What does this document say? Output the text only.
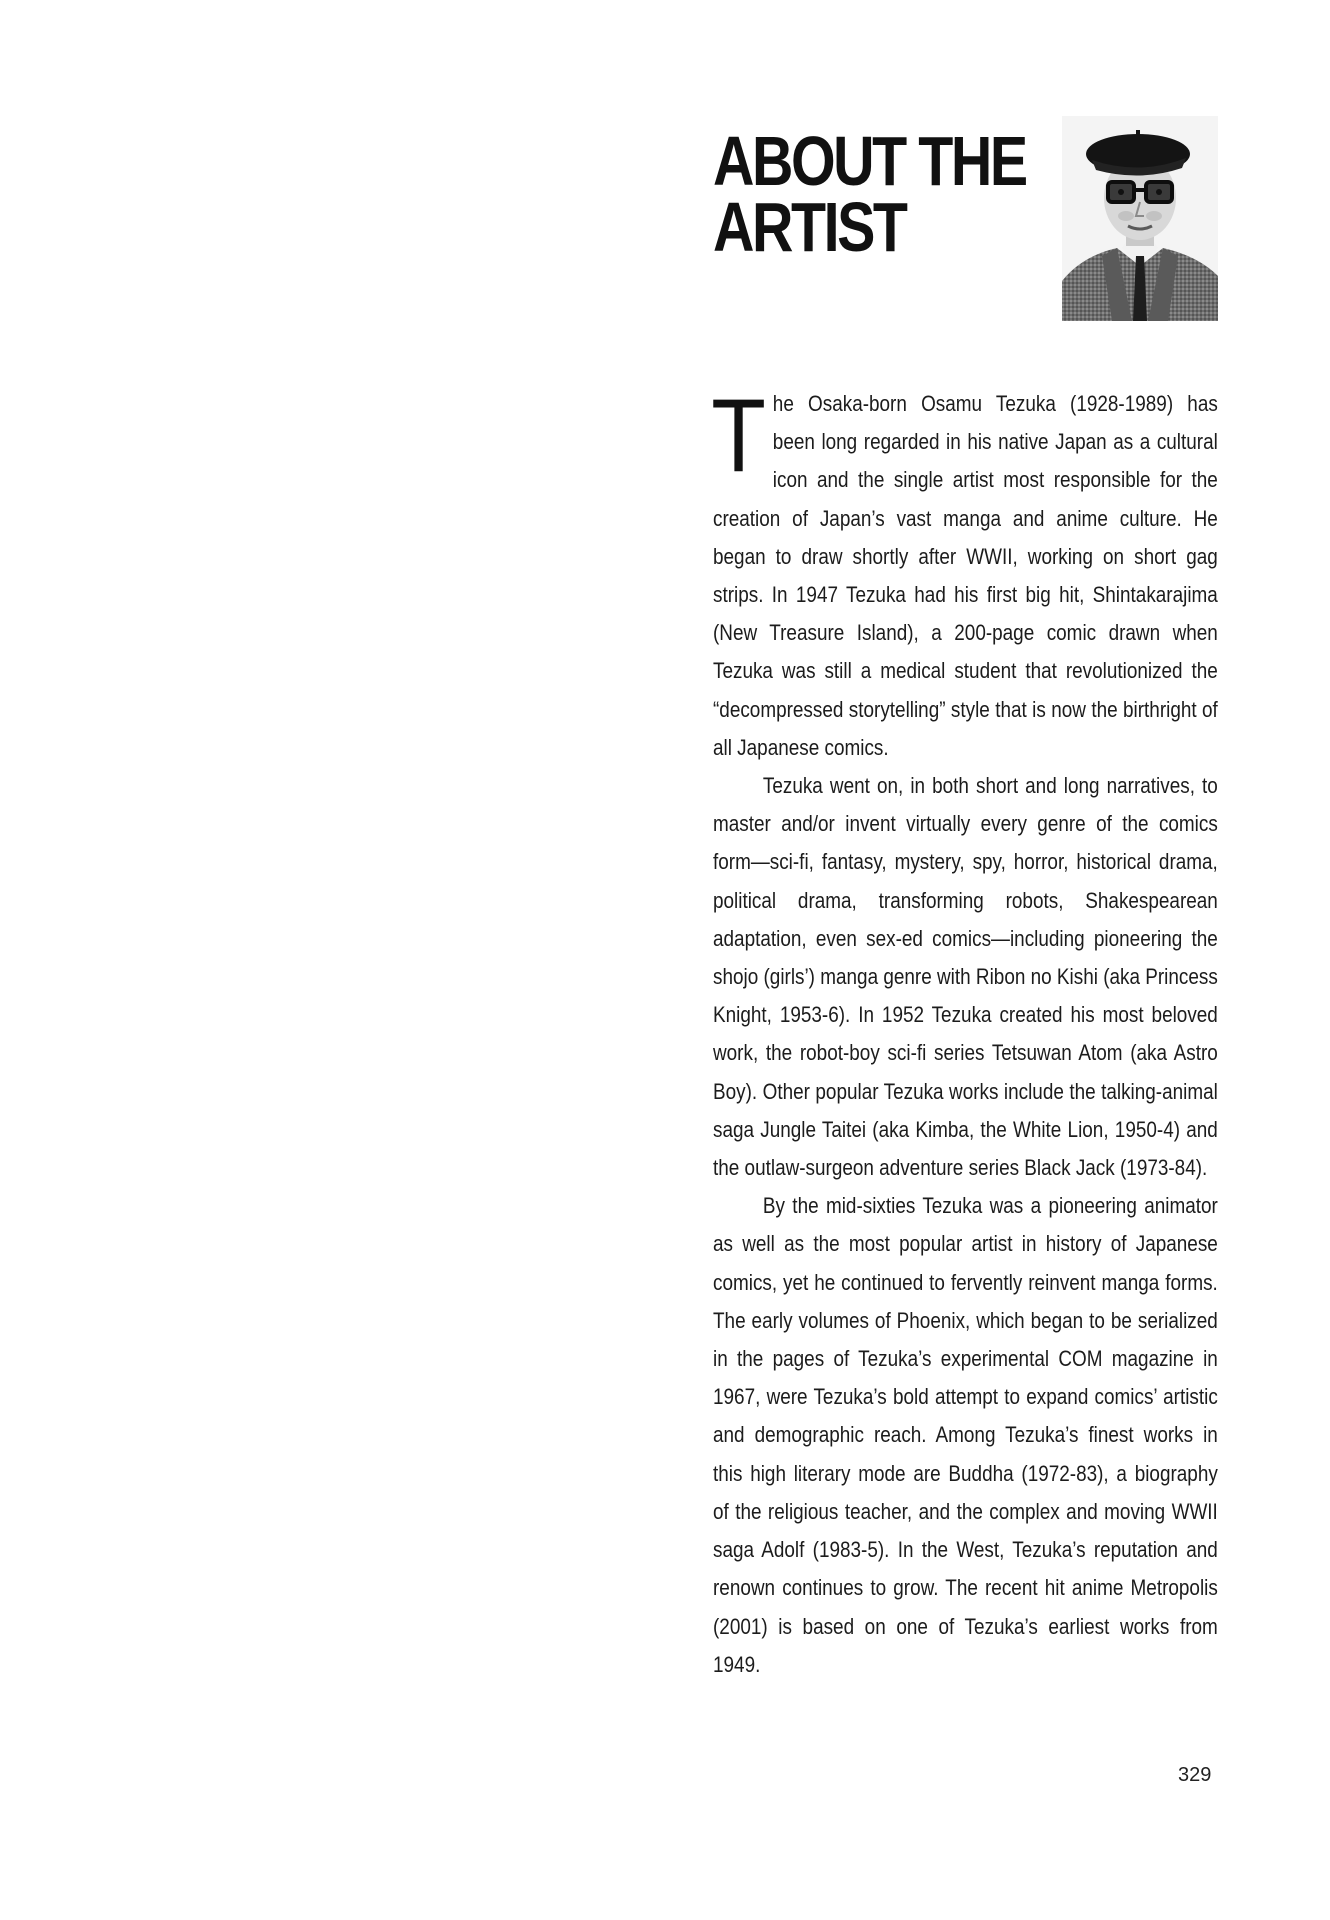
ABOUT THE
ARTIST

The Osaka-born Osamu Tezuka (1928-1989) has been long regarded in his native Japan as a cultural icon and the single artist most responsible for the creation of Japan’s vast manga and anime culture. He began to draw shortly after WWII, working on short gag strips. In 1947 Tezuka had his first big hit, Shintakarajima (New Treasure Island), a 200-page comic drawn when Tezuka was still a medical student that revolutionized the “decompressed storytelling” style that is now the birthright of all Japanese comics.

Tezuka went on, in both short and long narratives, to master and/or invent virtually every genre of the comics form—sci-fi, fantasy, mystery, spy, horror, historical drama, political drama, transforming robots, Shakespearean adaptation, even sex-ed comics—including pioneering the shojo (girls’) manga genre with Ribon no Kishi (aka Princess Knight, 1953-6). In 1952 Tezuka created his most beloved work, the robot-boy sci-fi series Tetsuwan Atom (aka Astro Boy). Other popular Tezuka works include the talking-animal saga Jungle Taitei (aka Kimba, the White Lion, 1950-4) and the outlaw-surgeon adventure series Black Jack (1973-84).

By the mid-sixties Tezuka was a pioneering animator as well as the most popular artist in history of Japanese comics, yet he continued to fervently reinvent manga forms. The early volumes of Phoenix, which began to be serialized in the pages of Tezuka’s experimental COM magazine in 1967, were Tezuka’s bold attempt to expand comics’ artistic and demographic reach. Among Tezuka’s finest works in this high literary mode are Buddha (1972-83), a biography of the religious teacher, and the complex and moving WWII saga Adolf (1983-5). In the West, Tezuka’s reputation and renown continues to grow. The recent hit anime Metropolis (2001) is based on one of Tezuka’s earliest works from 1949.

329
